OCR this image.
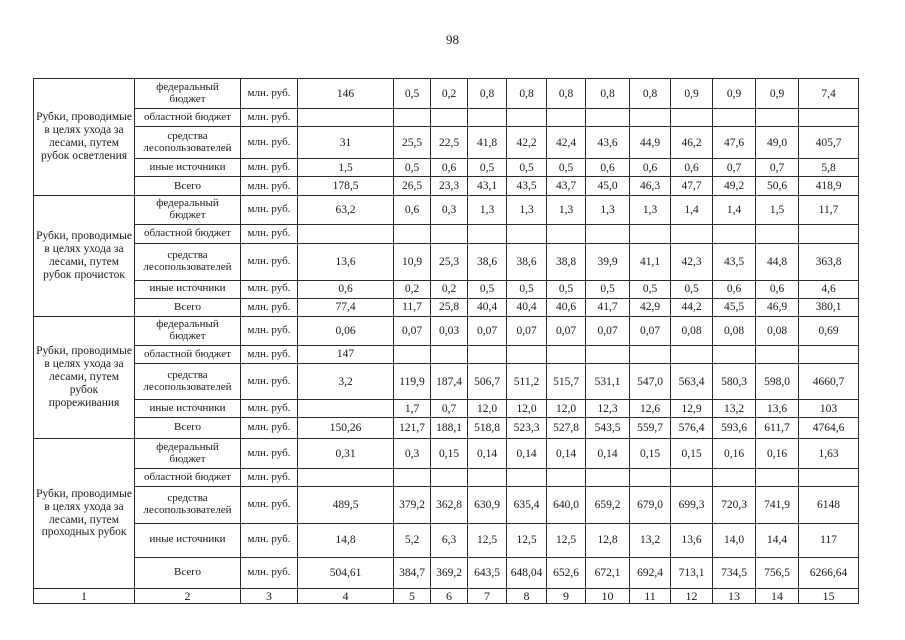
98
Рубки, проводимые в целях ухода за лесами, путем рубок осветления	федеральный бюджет	млн. руб.	146	0,5	0,2	0,8	0,8	0,8	0,8	0,8	0,9	0,9	0,9	7,4
	областной бюджет	млн. руб.												
	средства лесопользователей	млн. руб.	31	25,5	22,5	41,8	42,2	42,4	43,6	44,9	46,2	47,6	49,0	405,7
	иные источники	млн. руб.	1,5	0,5	0,6	0,5	0,5	0,5	0,6	0,6	0,6	0,7	0,7	5,8
	Всего	млн. руб.	178,5	26,5	23,3	43,1	43,5	43,7	45,0	46,3	47,7	49,2	50,6	418,9
Рубки, проводимые в целях ухода за лесами, путем рубок прочисток	федеральный бюджет	млн. руб.	63,2	0,6	0,3	1,3	1,3	1,3	1,3	1,3	1,4	1,4	1,5	11,7
	областной бюджет	млн. руб.												
	средства лесопользователей	млн. руб.	13,6	10,9	25,3	38,6	38,6	38,8	39,9	41,1	42,3	43,5	44,8	363,8
	иные источники	млн. руб.	0,6	0,2	0,2	0,5	0,5	0,5	0,5	0,5	0,5	0,6	0,6	4,6
	Всего	млн. руб.	77,4	11,7	25,8	40,4	40,4	40,6	41,7	42,9	44,2	45,5	46,9	380,1
Рубки, проводимые в целях ухода за лесами, путем рубок прореживания	федеральный бюджет	млн. руб.	0,06	0,07	0,03	0,07	0,07	0,07	0,07	0,07	0,08	0,08	0,08	0,69
	областной бюджет	млн. руб.	147											
	средства лесопользователей	млн. руб.	3,2	119,9	187,4	506,7	511,2	515,7	531,1	547,0	563,4	580,3	598,0	4660,7
	иные источники	млн. руб.		1,7	0,7	12,0	12,0	12,0	12,3	12,6	12,9	13,2	13,6	103
	Всего	млн. руб.	150,26	121,7	188,1	518,8	523,3	527,8	543,5	559,7	576,4	593,6	611,7	4764,6
Рубки, проводимые в целях ухода за лесами, путем проходных рубок	федеральный бюджет	млн. руб.	0,31	0,3	0,15	0,14	0,14	0,14	0,14	0,15	0,15	0,16	0,16	1,63
	областной бюджет	млн. руб.												
	средства лесопользователей	млн. руб.	489,5	379,2	362,8	630,9	635,4	640,0	659,2	679,0	699,3	720,3	741,9	6148
	иные источники	млн. руб.	14,8	5,2	6,3	12,5	12,5	12,5	12,8	13,2	13,6	14,0	14,4	117
	Всего	млн. руб.	504,61	384,7	369,2	643,5	648,04	652,6	672,1	692,4	713,1	734,5	756,5	6266,64
1	2	3	4	5	6	7	8	9	10	11	12	13	14	15
